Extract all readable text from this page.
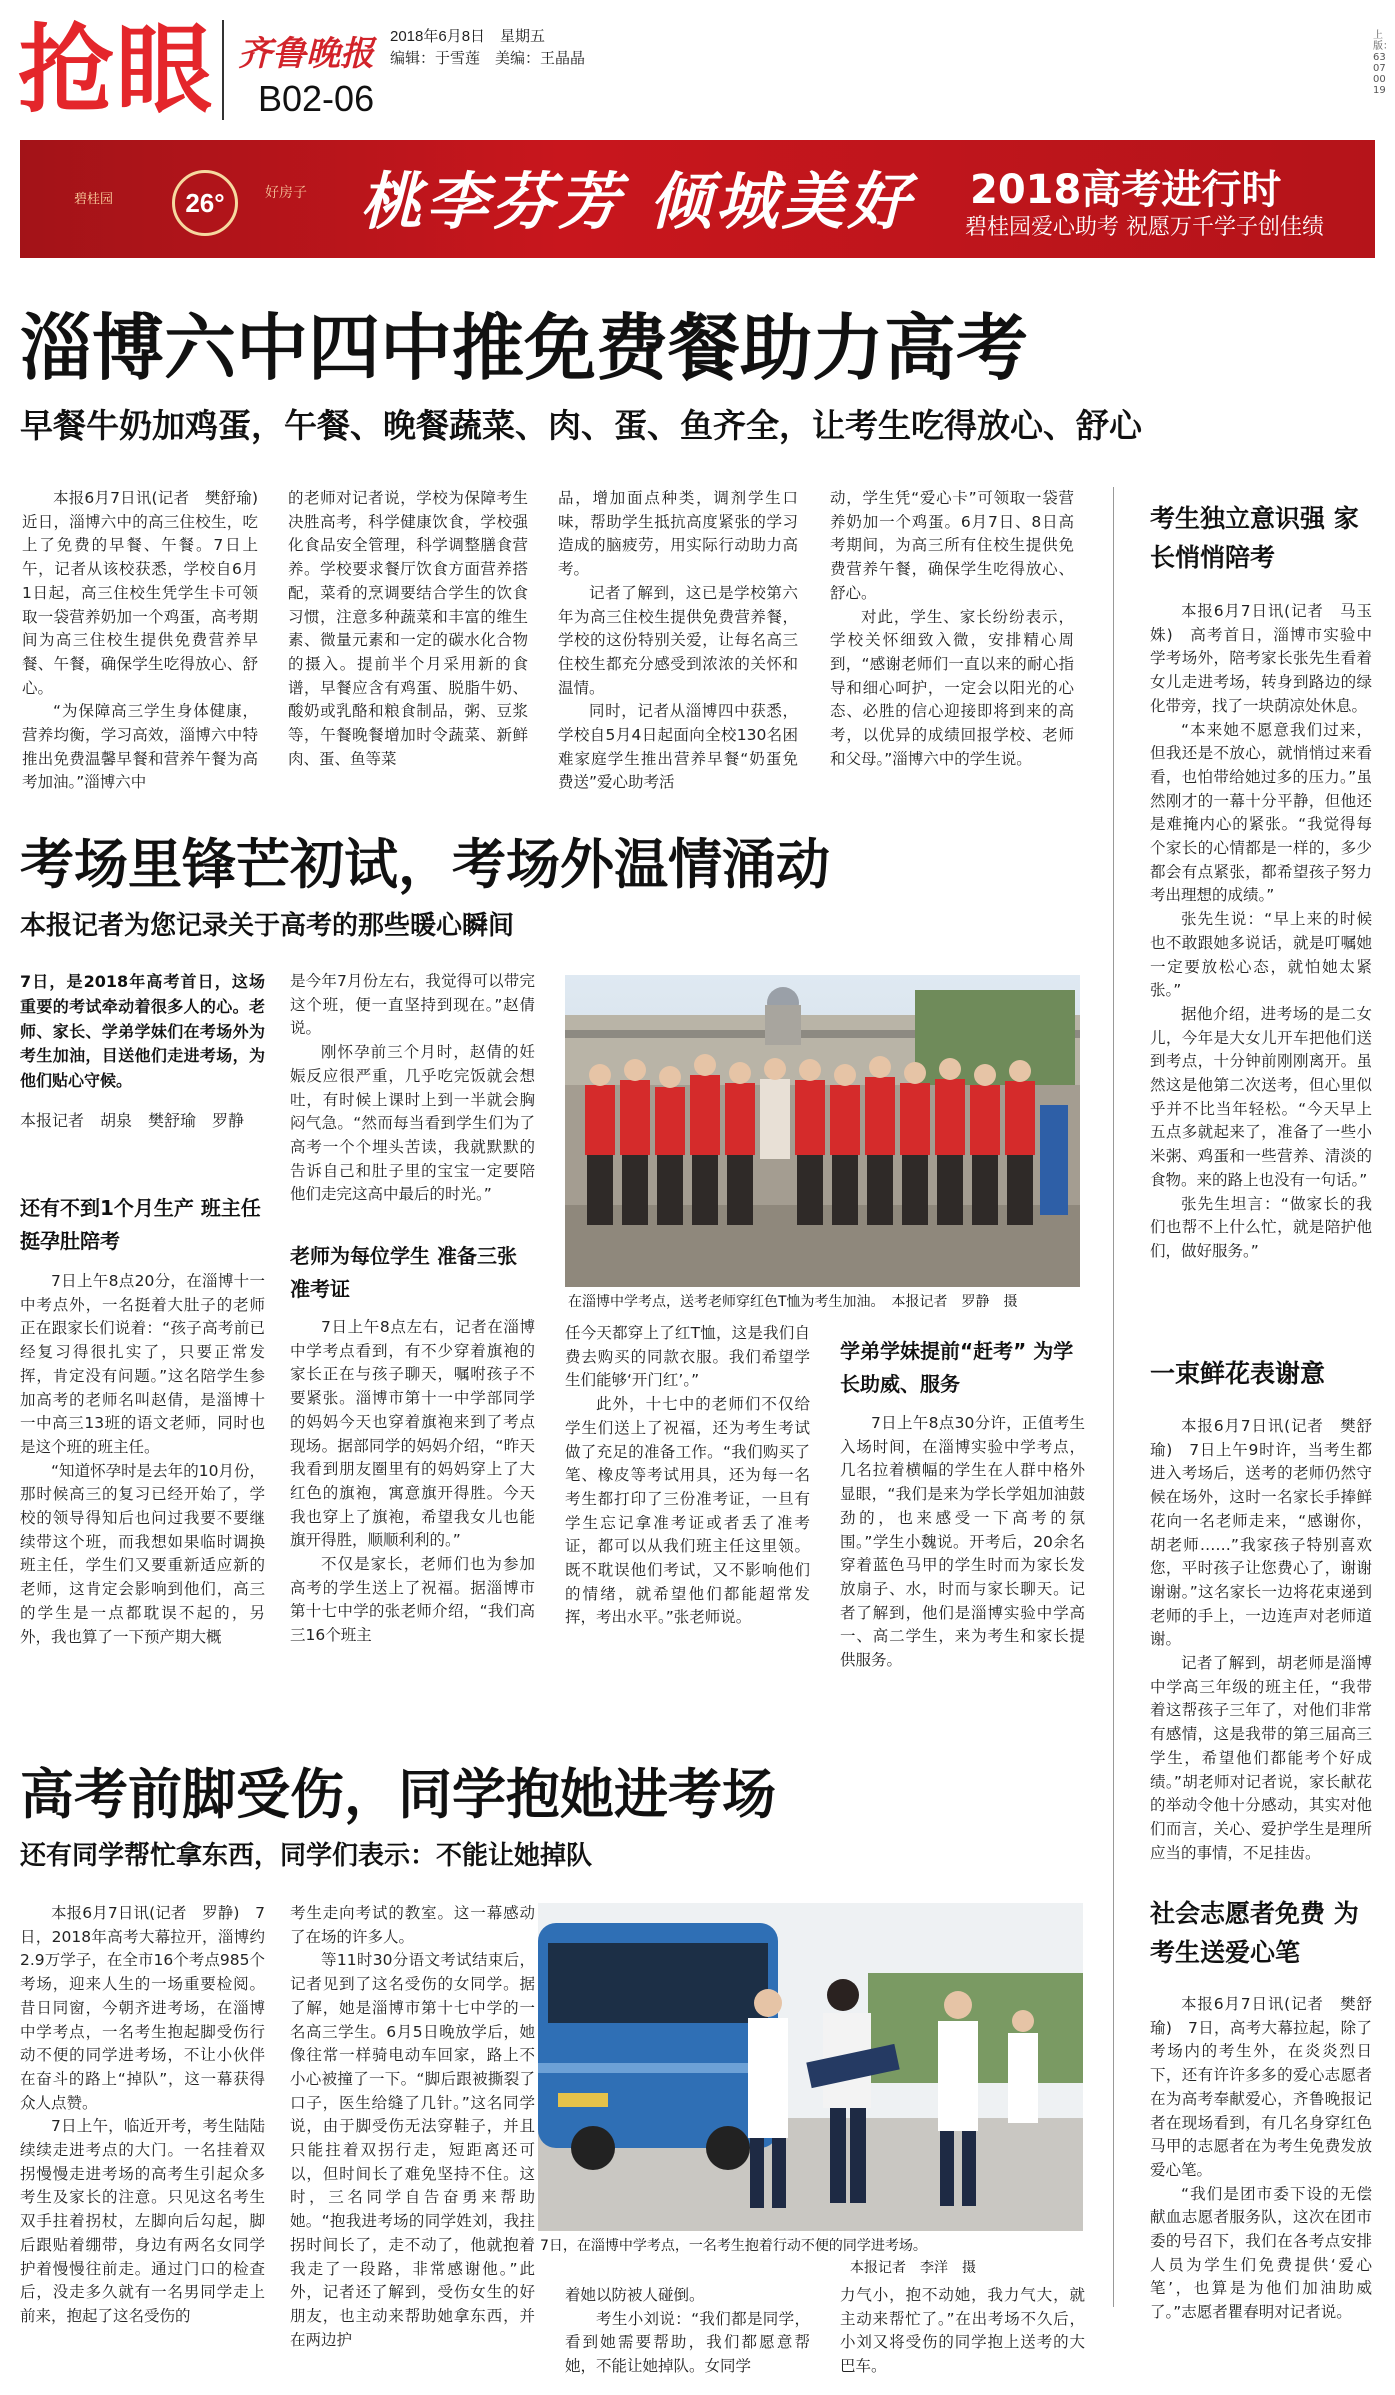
抢眼 齐鲁晚报
B02-06
2018年6月8日　星期五
编辑：于雪莲　美编：王晶晶
上版：63070019
碧桂园	26°	好房子 桃李芬芳 倾城美好 2018高考进行时
碧桂园爱心助考 祝愿万千学子创佳绩
淄博六中四中推免费餐助力高考
早餐牛奶加鸡蛋，午餐、晚餐蔬菜、肉、蛋、鱼齐全，让考生吃得放心、舒心

本报6月7日讯(记者　樊舒瑜)　近日，淄博六中的高三住校生，吃上了免费的早餐、午餐。7日上午，记者从该校获悉，学校自6月1日起，高三住校生凭学生卡可领取一袋营养奶加一个鸡蛋，高考期间为高三住校生提供免费营养早餐、午餐，确保学生吃得放心、舒心。

“为保障高三学生身体健康，营养均衡，学习高效，淄博六中特推出免费温馨早餐和营养午餐为高考加油。”淄博六中

的老师对记者说，学校为保障考生决胜高考，科学健康饮食，学校强化食品安全管理，科学调整膳食营养。学校要求餐厅饮食方面营养搭配，菜肴的烹调要结合学生的饮食习惯，注意多种蔬菜和丰富的维生素、微量元素和一定的碳水化合物的摄入。提前半个月采用新的食谱，早餐应含有鸡蛋、脱脂牛奶、酸奶或乳酪和粮食制品，粥、豆浆等，午餐晚餐增加时令蔬菜、新鲜肉、蛋、鱼等菜

品，增加面点种类，调剂学生口味，帮助学生抵抗高度紧张的学习造成的脑疲劳，用实际行动助力高考。

记者了解到，这已是学校第六年为高三住校生提供免费营养餐，学校的这份特别关爱，让每名高三住校生都充分感受到浓浓的关怀和温情。

同时，记者从淄博四中获悉，学校自5月4日起面向全校130名困难家庭学生推出营养早餐“奶蛋免费送”爱心助考活

动，学生凭“爱心卡”可领取一袋营养奶加一个鸡蛋。6月7日、8日高考期间，为高三所有住校生提供免费营养午餐，确保学生吃得放心、舒心。

对此，学生、家长纷纷表示，学校关怀细致入微，安排精心周到，“感谢老师们一直以来的耐心指导和细心呵护，一定会以阳光的心态、必胜的信心迎接即将到来的高考，以优异的成绩回报学校、老师和父母。”淄博六中的学生说。

考场里锋芒初试，考场外温情涌动
本报记者为您记录关于高考的那些暖心瞬间
7日，是2018年高考首日，这场重要的考试牵动着很多人的心。老师、家长、学弟学妹们在考场外为考生加油，目送他们走进考场，为他们贴心守候。
本报记者　胡泉　樊舒瑜　罗静
还有不到1个月生产 班主任挺孕肚陪考

7日上午8点20分，在淄博十一中考点外，一名挺着大肚子的老师正在跟家长们说着：“孩子高考前已经复习得很扎实了，只要正常发挥，肯定没有问题。”这名陪学生参加高考的老师名叫赵倩，是淄博十一中高三13班的语文老师，同时也是这个班的班主任。

“知道怀孕时是去年的10月份，那时候高三的复习已经开始了，学校的领导得知后也问过我要不要继续带这个班，而我想如果临时调换班主任，学生们又要重新适应新的老师，这肯定会影响到他们，高三的学生是一点都耽误不起的，另外，我也算了一下预产期大概

是今年7月份左右，我觉得可以带完这个班，便一直坚持到现在。”赵倩说。

刚怀孕前三个月时，赵倩的妊娠反应很严重，几乎吃完饭就会想吐，有时候上课时上到一半就会胸闷气急。“然而每当看到学生们为了高考一个个埋头苦读，我就默默的告诉自己和肚子里的宝宝一定要陪他们走完这高中最后的时光。”

老师为每位学生 准备三张准考证

7日上午8点左右，记者在淄博中学考点看到，有不少穿着旗袍的家长正在与孩子聊天，嘱咐孩子不要紧张。淄博市第十一中学部同学的妈妈今天也穿着旗袍来到了考点现场。据部同学的妈妈介绍，“昨天我看到朋友圈里有的妈妈穿上了大红色的旗袍，寓意旗开得胜。今天我也穿上了旗袍，希望我女儿也能旗开得胜，顺顺利利的。”

不仅是家长，老师们也为参加高考的学生送上了祝福。据淄博市第十七中学的张老师介绍，“我们高三16个班主

在淄博中学考点，送考老师穿红色T恤为考生加油。　本报记者　罗静　摄

任今天都穿上了红T恤，这是我们自费去购买的同款衣服。我们希望学生们能够‘开门红’。”

此外，十七中的老师们不仅给学生们送上了祝福，还为考生考试做了充足的准备工作。“我们购买了笔、橡皮等考试用具，还为每一名考生都打印了三份准考证，一旦有学生忘记拿准考证或者丢了准考证，都可以从我们班主任这里领。既不耽误他们考试，又不影响他们的情绪，就希望他们都能超常发挥，考出水平。”张老师说。

学弟学妹提前“赶考” 为学长助威、服务

7日上午8点30分许，正值考生入场时间，在淄博实验中学考点，几名拉着横幅的学生在人群中格外显眼，“我们是来为学长学姐加油鼓劲的，也来感受一下高考的氛围。”学生小魏说。开考后，20余名穿着蓝色马甲的学生时而为家长发放扇子、水，时而与家长聊天。记者了解到，他们是淄博实验中学高一、高二学生，来为考生和家长提供服务。

高考前脚受伤，同学抱她进考场
还有同学帮忙拿东西，同学们表示：不能让她掉队

本报6月7日讯(记者　罗静)　7日，2018年高考大幕拉开，淄博约2.9万学子，在全市16个考点985个考场，迎来人生的一场重要检阅。昔日同窗，今朝齐进考场，在淄博中学考点，一名考生抱起脚受伤行动不便的同学进考场，不让小伙伴在奋斗的路上“掉队”，这一幕获得众人点赞。

7日上午，临近开考，考生陆陆续续走进考点的大门。一名挂着双拐慢慢走进考场的高考生引起众多考生及家长的注意。只见这名考生双手拄着拐杖，左脚向后勾起，脚后跟贴着绷带，身边有两名女同学护着慢慢往前走。通过门口的检查后，没走多久就有一名男同学走上前来，抱起了这名受伤的

考生走向考试的教室。这一幕感动了在场的许多人。

等11时30分语文考试结束后，记者见到了这名受伤的女同学。据了解，她是淄博市第十七中学的一名高三学生。6月5日晚放学后，她像往常一样骑电动车回家，路上不小心被撞了一下。“脚后跟被撕裂了口子，医生给缝了几针。”这名同学说，由于脚受伤无法穿鞋子，并且只能拄着双拐行走，短距离还可以，但时间长了难免坚持不住。这时，三名同学自告奋勇来帮助她。“抱我进考场的同学姓刘，我拄拐时间长了，走不动了，他就抱着我走了一段路，非常感谢他。”此外，记者还了解到，受伤女生的好朋友，也主动来帮助她拿东西，并在两边护

7日，在淄博中学考点，一名考生抱着行动不便的同学进考场。
本报记者　李洋　摄

着她以防被人碰倒。

考生小刘说：“我们都是同学，看到她需要帮助，我们都愿意帮她，不能让她掉队。女同学

力气小，抱不动她，我力气大，就主动来帮忙了。”在出考场不久后，小刘又将受伤的同学抱上送考的大巴车。

考生独立意识强 家长悄悄陪考

本报6月7日讯(记者　马玉姝)　高考首日，淄博市实验中学考场外，陪考家长张先生看着女儿走进考场，转身到路边的绿化带旁，找了一块荫凉处休息。

“本来她不愿意我们过来，但我还是不放心，就悄悄过来看看，也怕带给她过多的压力。”虽然刚才的一幕十分平静，但他还是难掩内心的紧张。“我觉得每个家长的心情都是一样的，多少都会有点紧张，都希望孩子努力考出理想的成绩。”

张先生说：“早上来的时候也不敢跟她多说话，就是叮嘱她一定要放松心态，就怕她太紧张。”

据他介绍，进考场的是二女儿，今年是大女儿开车把他们送到考点，十分钟前刚刚离开。虽然这是他第二次送考，但心里似乎并不比当年轻松。“今天早上五点多就起来了，准备了一些小米粥、鸡蛋和一些营养、清淡的食物。来的路上也没有一句话。”

张先生坦言：“做家长的我们也帮不上什么忙，就是陪护他们，做好服务。”

一束鲜花表谢意

本报6月7日讯(记者　樊舒瑜)　7日上午9时许，当考生都进入考场后，送考的老师仍然守候在场外，这时一名家长手捧鲜花向一名老师走来，“感谢你，胡老师……”我家孩子特别喜欢您，平时孩子让您费心了，谢谢谢谢。”这名家长一边将花束递到老师的手上，一边连声对老师道谢。

记者了解到，胡老师是淄博中学高三年级的班主任，“我带着这帮孩子三年了，对他们非常有感情，这是我带的第三届高三学生，希望他们都能考个好成绩。”胡老师对记者说，家长献花的举动令他十分感动，其实对他们而言，关心、爱护学生是理所应当的事情，不足挂齿。

社会志愿者免费 为考生送爱心笔

本报6月7日讯(记者　樊舒瑜)　7日，高考大幕拉起，除了考场内的考生外，在炎炎烈日下，还有许许多多的爱心志愿者在为高考奉献爱心，齐鲁晚报记者在现场看到，有几名身穿红色马甲的志愿者在为考生免费发放爱心笔。

“我们是团市委下设的无偿献血志愿者服务队，这次在团市委的号召下，我们在各考点安排人员为学生们免费提供‘爱心笔’，也算是为他们加油助威了。”志愿者瞿春明对记者说。
